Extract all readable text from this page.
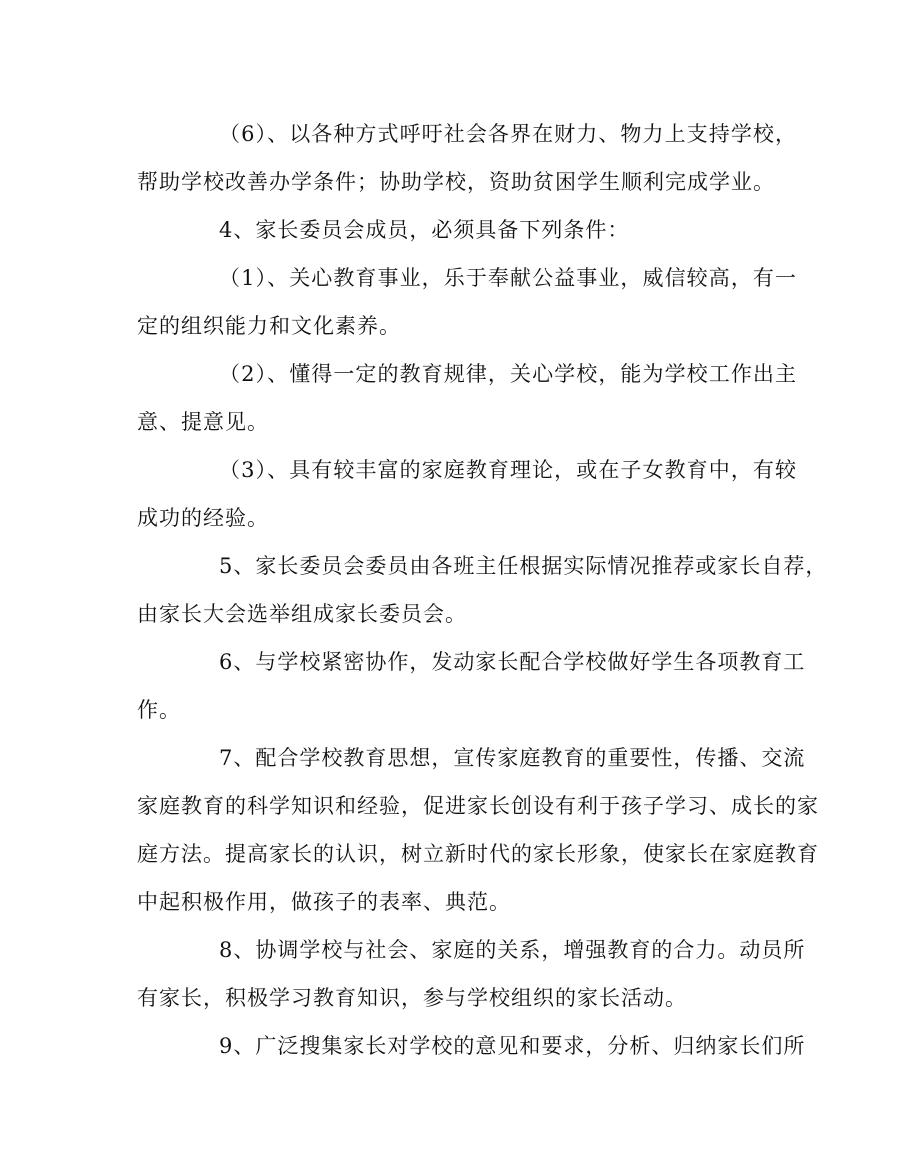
（6）、以各种方式呼吁社会各界在财力、物力上支持学校，
帮助学校改善办学条件；协助学校，资助贫困学生顺利完成学业。
4、家长委员会成员，必须具备下列条件：
（1）、关心教育事业，乐于奉献公益事业，威信较高，有一
定的组织能力和文化素养。
（2）、懂得一定的教育规律，关心学校，能为学校工作出主
意、提意见。
（3）、具有较丰富的家庭教育理论，或在子女教育中，有较
成功的经验。
5、家长委员会委员由各班主任根据实际情况推荐或家长自荐，
由家长大会选举组成家长委员会。
6、与学校紧密协作，发动家长配合学校做好学生各项教育工
作。
7、配合学校教育思想，宣传家庭教育的重要性，传播、交流
家庭教育的科学知识和经验，促进家长创设有利于孩子学习、成长的家
庭方法。提高家长的认识，树立新时代的家长形象，使家长在家庭教育
中起积极作用，做孩子的表率、典范。
8、协调学校与社会、家庭的关系，增强教育的合力。动员所
有家长，积极学习教育知识，参与学校组织的家长活动。
9、广泛搜集家长对学校的意见和要求，分析、归纳家长们所
